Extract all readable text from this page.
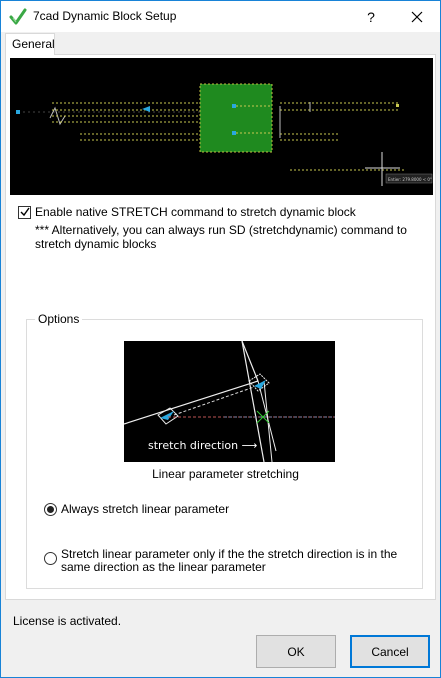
7cad Dynamic Block Setup	?
General
Entier: 279.8000 < 0°
Enable native STRETCH command to stretch dynamic block
*** Alternatively, you can always run SD (stretchdynamic) command to stretch dynamic blocks
Options
stretch direction ⟶
Linear parameter stretching
Always stretch linear parameter
Stretch linear parameter only if the the stretch direction is in the same direction as the linear parameter
License is activated.
OK	Cancel
